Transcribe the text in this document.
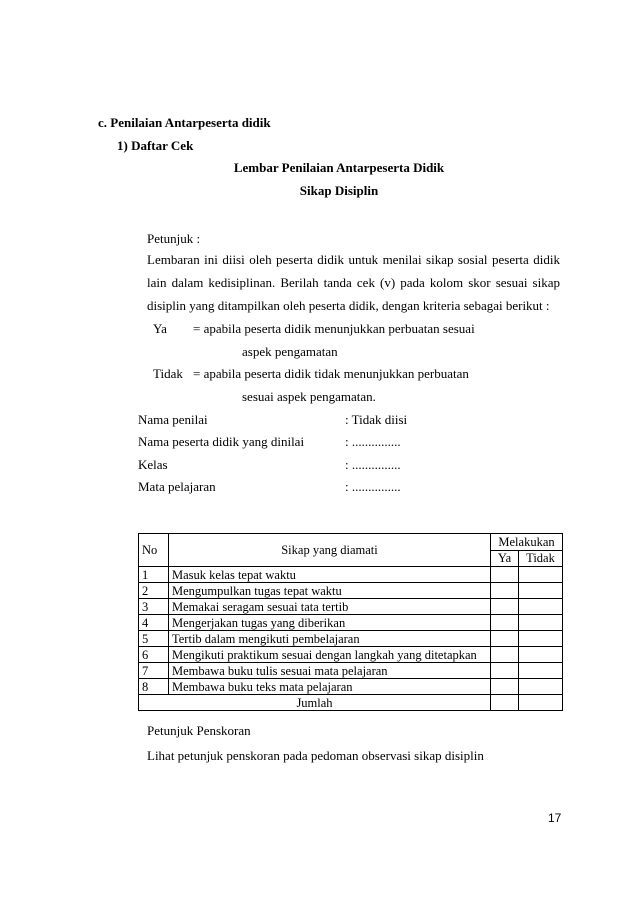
c. Penilaian Antarpeserta didik
1) Daftar Cek
Lembar Penilaian Antarpeserta Didik
Sikap Disiplin
Petunjuk :
Lembaran ini diisi oleh peserta didik untuk menilai sikap sosial peserta didik
lain dalam kedisiplinan. Berilah tanda cek (v) pada kolom skor sesuai sikap
disiplin yang ditampilkan oleh peserta didik, dengan kriteria sebagai berikut :
Ya = apabila peserta didik menunjukkan perbuatan sesuai
aspek pengamatan
Tidak = apabila peserta didik tidak menunjukkan perbuatan
sesuai aspek pengamatan.
Nama penilai	: Tidak diisi
Nama peserta didik yang dinilai	: ...............
Kelas	: ...............
Mata pelajaran	: ...............
No	Sikap yang diamati	Melakukan	
		Ya	Tidak
1	Masuk kelas tepat waktu		
2	Mengumpulkan tugas tepat waktu		
3	Memakai seragam sesuai tata tertib		
4	Mengerjakan tugas yang diberikan		
5	Tertib dalam mengikuti pembelajaran		
6	Mengikuti praktikum sesuai dengan langkah yang ditetapkan		
7	Membawa buku tulis sesuai mata pelajaran		
8	Membawa buku teks mata pelajaran		
Jumlah			
Petunjuk Penskoran
Lihat petunjuk penskoran pada pedoman observasi sikap disiplin
17
